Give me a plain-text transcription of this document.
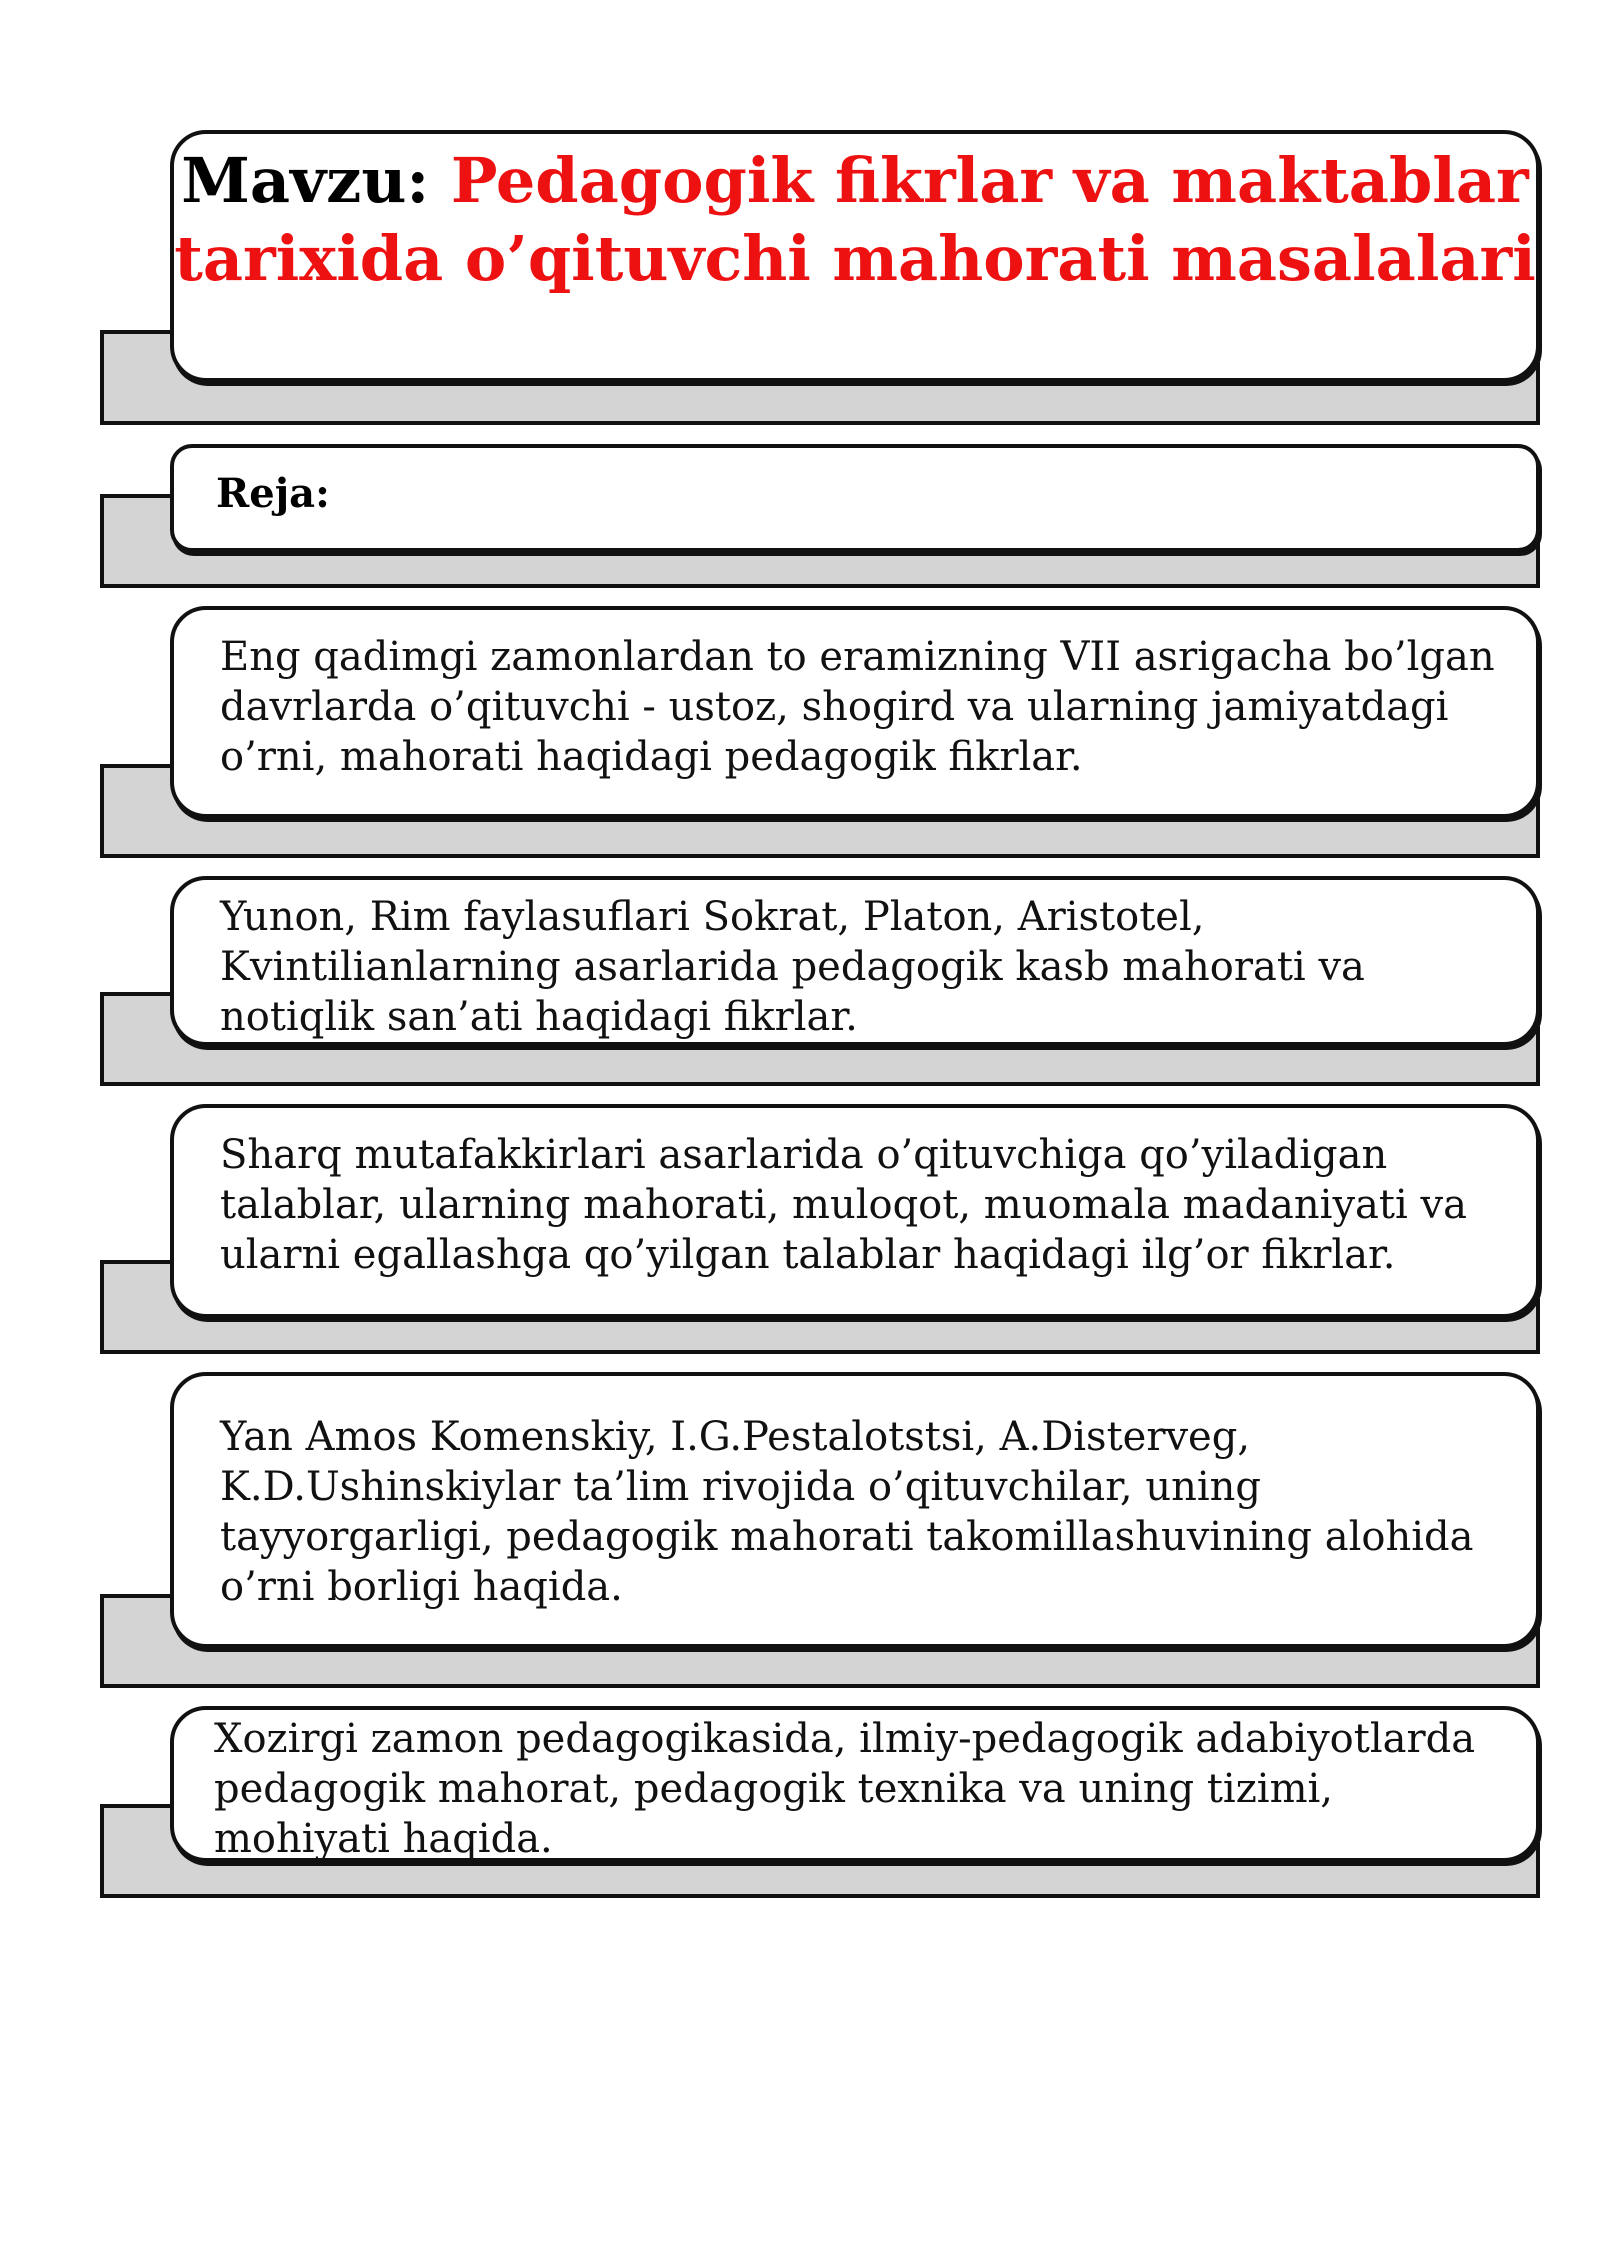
Mavzu: Pedagogik fikrlar va maktablar tarixida o’qituvchi mahorati masalalari
Reja:
Eng qadimgi zamonlardan to eramizning VII asrigacha bo’lgan davrlarda o’qituvchi - ustoz, shogird va ularning jamiyatdagi o’rni, mahorati haqidagi pedagogik fikrlar.
Yunon, Rim faylasuflari Sokrat, Platon, Aristotel, Kvintilianlarning asarlarida pedagogik kasb mahorati va notiqlik san’ati haqidagi fikrlar.
Sharq mutafakkirlari asarlarida o’qituvchiga qo’yiladigan talablar, ularning mahorati, muloqot, muomala madaniyati va ularni egallashga qo’yilgan talablar haqidagi ilg’or fikrlar.
Yan Amos Komenskiy, I.G.Pestalotstsi, A.Disterveg, K.D.Ushinskiylar ta’lim rivojida o’qituvchilar, uning tayyorgarligi, pedagogik mahorati takomillashuvining alohida o’rni borligi haqida.
Xozirgi zamon pedagogikasida, ilmiy-pedagogik adabiyotlarda pedagogik mahorat, pedagogik texnika va uning tizimi, mohiyati haqida.
